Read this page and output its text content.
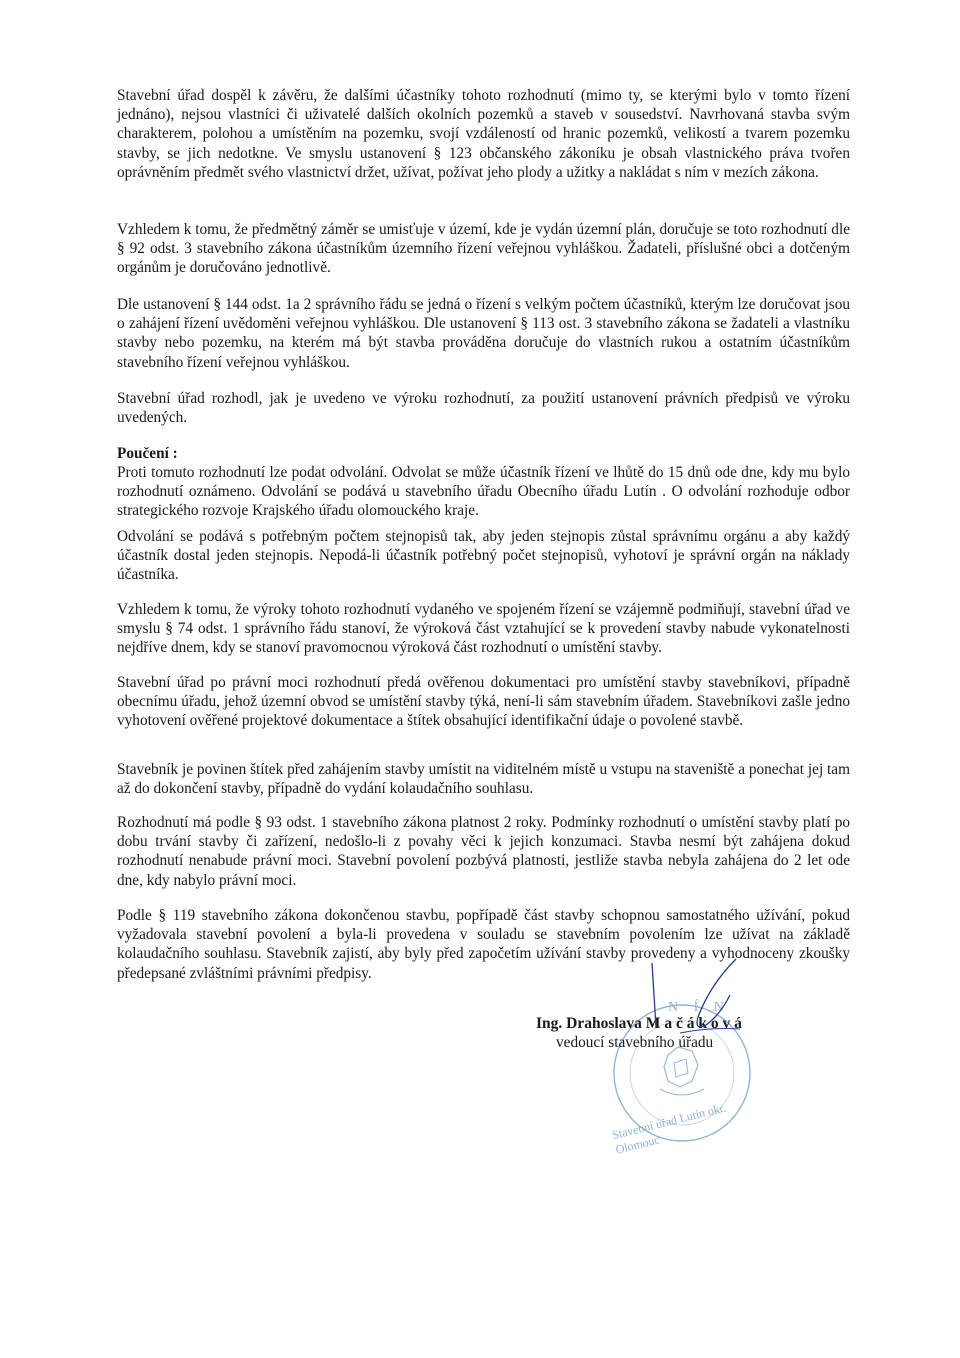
Stavební úřad dospěl k závěru, že dalšími účastníky tohoto rozhodnutí (mimo ty, se kterými bylo v tomto řízení jednáno), nejsou vlastníci či uživatelé dalších okolních pozemků a staveb v sousedství. Navrhovaná stavba svým charakterem, polohou a umístěním na pozemku, svojí vzdáleností od hranic pozemků, velikostí a tvarem pozemku stavby, se jich nedotkne. Ve smyslu ustanovení § 123 občanského zákoníku je obsah vlastnického práva tvořen oprávněním předmět svého vlastnictví držet, užívat, požívat jeho plody a užitky a nakládat s ním v mezích zákona.

Vzhledem k tomu, že předmětný záměr se umisťuje v území, kde je vydán územní plán, doručuje se toto rozhodnutí dle § 92 odst. 3 stavebního zákona účastníkům územního řízení veřejnou vyhláškou. Žadateli, příslušné obci a dotčeným orgánům je doručováno jednotlivě.

Dle ustanovení § 144 odst. 1a 2 správního řádu se jedná o řízení s velkým počtem účastníků, kterým lze doručovat jsou o zahájení řízení uvědoměni veřejnou vyhláškou. Dle ustanovení § 113 ost. 3 stavebního zákona se žadateli a vlastníku stavby nebo pozemku, na kterém má být stavba prováděna doručuje do vlastních rukou a ostatním účastníkům stavebního řízení veřejnou vyhláškou.

Stavební úřad rozhodl, jak je uvedeno ve výroku rozhodnutí, za použití ustanovení právních předpisů ve výroku uvedených.

Poučení :

Proti tomuto rozhodnutí lze podat odvolání. Odvolat se může účastník řízení ve lhůtě do 15 dnů ode dne, kdy mu bylo rozhodnutí oznámeno. Odvolání se podává u stavebního úřadu Obecního úřadu Lutín . O odvolání rozhoduje odbor strategického rozvoje Krajského úřadu olomouckého kraje.

Odvolání se podává s potřebným počtem stejnopisů tak, aby jeden stejnopis zůstal správnímu orgánu a aby každý účastník dostal jeden stejnopis. Nepodá-li účastník potřebný počet stejnopisů, vyhotoví je správní orgán na náklady účastníka.

Vzhledem k tomu, že výroky tohoto rozhodnutí vydaného ve spojeném řízení se vzájemně podmiňují, stavební úřad ve smyslu § 74 odst. 1 správního řádu stanoví, že výroková část vztahující se k provedení stavby nabude vykonatelnosti nejdříve dnem, kdy se stanoví pravomocnou výroková část rozhodnutí o umístění stavby.

Stavební úřad po právní moci rozhodnutí předá ověřenou dokumentaci pro umístění stavby stavebníkovi, případně obecnímu úřadu, jehož územní obvod se umístění stavby týká, není-li sám stavebním úřadem. Stavebníkovi zašle jedno vyhotovení ověřené projektové dokumentace a štítek obsahující identifikační údaje o povolené stavbě.

Stavebník je povinen štítek před zahájením stavby umístit na viditelném místě u vstupu na staveniště a ponechat jej tam až do dokončení stavby, případně do vydání kolaudačního souhlasu.

Rozhodnutí má podle § 93 odst. 1 stavebního zákona platnost 2 roky. Podmínky rozhodnutí o umístění stavby platí po dobu trvání stavby či zařízení, nedošlo-li z povahy věci k jejich konzumaci. Stavba nesmí být zahájena dokud rozhodnutí nenabude právní moci. Stavební povolení pozbývá platnosti, jestliže stavba nebyla zahájena do 2 let ode dne, kdy nabylo právní moci.

Podle § 119 stavebního zákona dokončenou stavbu, popřípadě část stavby schopnou samostatného užívání, pokud vyžadovala stavební povolení a byla-li provedena v souladu se stavebním povolením lze užívat na základě kolaudačního souhlasu. Stavebník zajistí, aby byly před započetím užívání stavby provedeny a vyhodnoceny zkoušky předepsané zvláštními právními předpisy.

N Í N
Stavební úřad Lutín okr. Olomouc
Ing. Drahoslava M a č á k o v á
vedoucí stavebního úřadu
